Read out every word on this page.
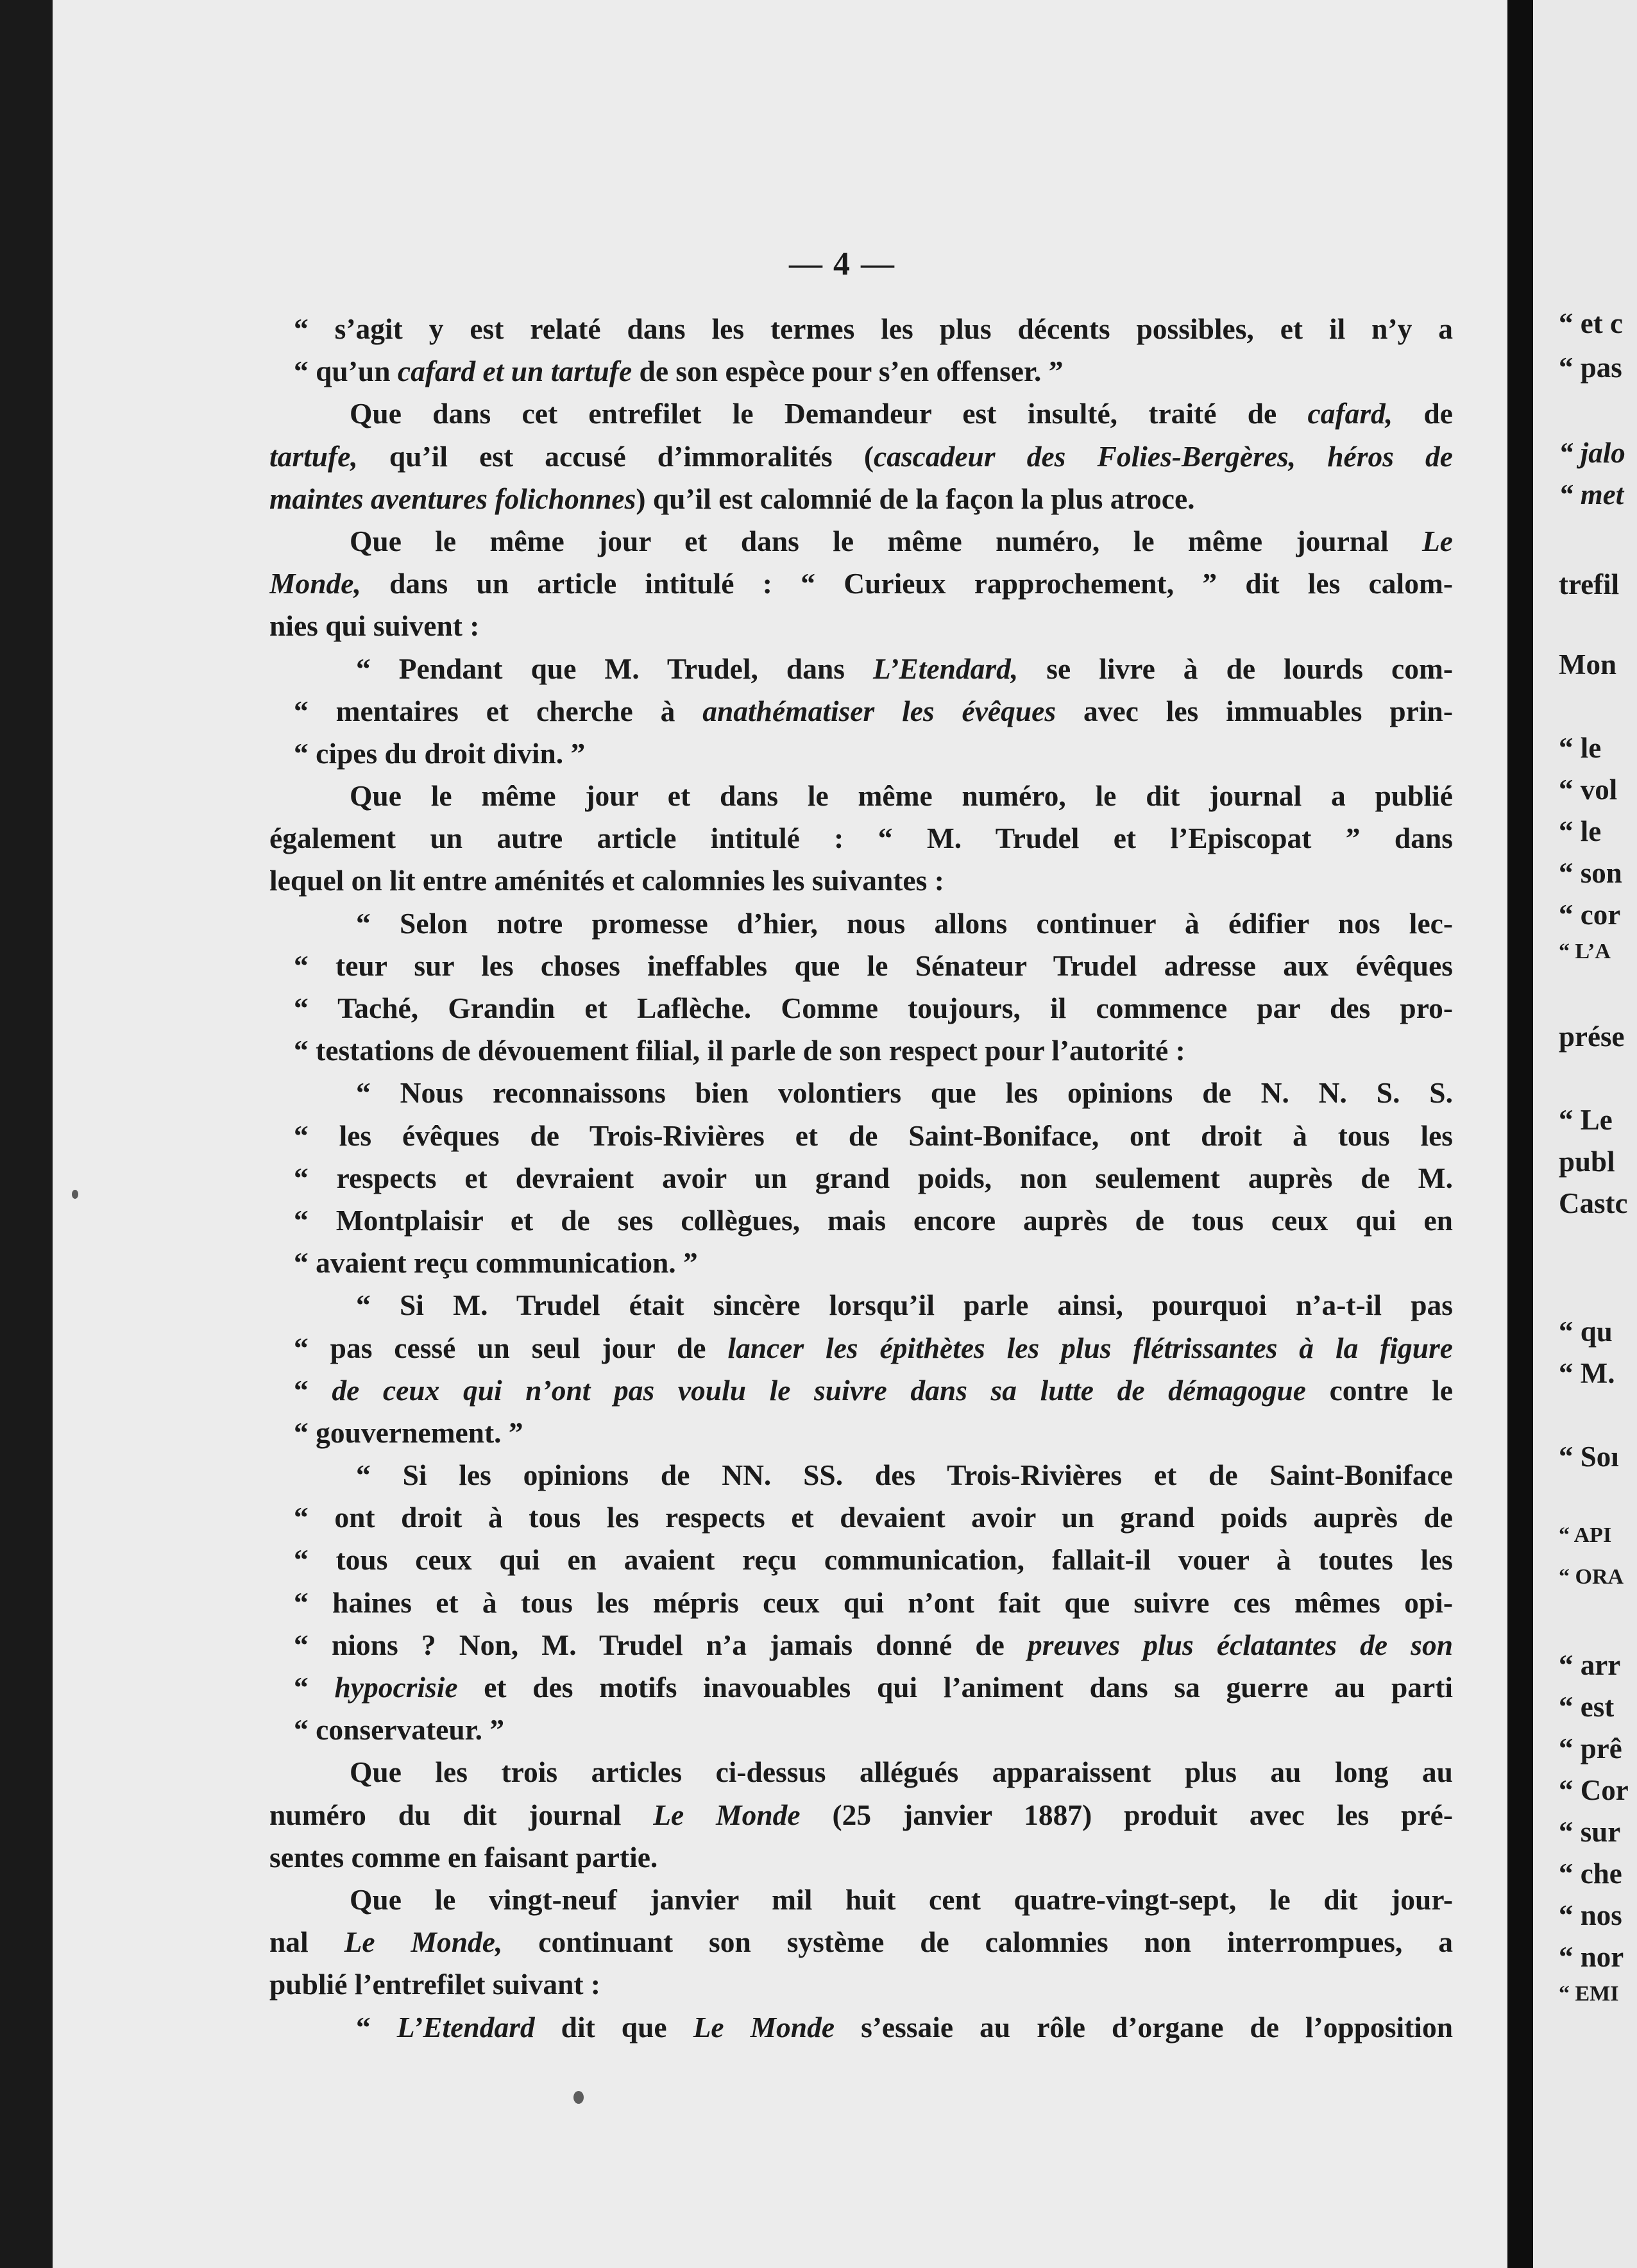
— 4 —

“ s’agit y est relaté dans les termes les plus décents possibles, et il n’y a

“ qu’un cafard et un tartufe de son espèce pour s’en offenser. ”

Que dans cet entrefilet le Demandeur est insulté, traité de cafard, de

tartufe, qu’il est accusé d’immoralités (cascadeur des Folies-Bergères, héros de

maintes aventures folichonnes) qu’il est calomnié de la façon la plus atroce.

Que le même jour et dans le même numéro, le même journal Le

Monde, dans un article intitulé : “ Curieux rapprochement, ” dit les calom-

nies qui suivent :

“ Pendant que M. Trudel, dans L’Etendard, se livre à de lourds com-

“ mentaires et cherche à anathématiser les évêques avec les immuables prin-

“ cipes du droit divin. ”

Que le même jour et dans le même numéro, le dit journal a publié

également un autre article intitulé : “ M. Trudel et l’Episcopat ” dans

lequel on lit entre aménités et calomnies les suivantes :

“ Selon notre promesse d’hier, nous allons continuer à édifier nos lec-

“ teur sur les choses ineffables que le Sénateur Trudel adresse aux évêques

“ Taché, Grandin et Laflèche. Comme toujours, il commence par des pro-

“ testations de dévouement filial, il parle de son respect pour l’autorité :

“ Nous reconnaissons bien volontiers que les opinions de N. N. S. S.

“ les évêques de Trois-Rivières et de Saint-Boniface, ont droit à tous les

“ respects et devraient avoir un grand poids, non seulement auprès de M.

“ Montplaisir et de ses collègues, mais encore auprès de tous ceux qui en

“ avaient reçu communication. ”

“ Si M. Trudel était sincère lorsqu’il parle ainsi, pourquoi n’a-t-il pas

“ pas cessé un seul jour de lancer les épithètes les plus flétrissantes à la figure

“ de ceux qui n’ont pas voulu le suivre dans sa lutte de démagogue contre le

“ gouvernement. ”

“ Si les opinions de NN. SS. des Trois-Rivières et de Saint-Boniface

“ ont droit à tous les respects et devaient avoir un grand poids auprès de

“ tous ceux qui en avaient reçu communication, fallait-il vouer à toutes les

“ haines et à tous les mépris ceux qui n’ont fait que suivre ces mêmes opi-

“ nions ? Non, M. Trudel n’a jamais donné de preuves plus éclatantes de son

“ hypocrisie et des motifs inavouables qui l’animent dans sa guerre au parti

“ conservateur. ”

Que les trois articles ci-dessus allégués apparaissent plus au long au

numéro du dit journal Le Monde (25 janvier 1887) produit avec les pré-

sentes comme en faisant partie.

Que le vingt-neuf janvier mil huit cent quatre-vingt-sept, le dit jour-

nal Le Monde, continuant son système de calomnies non interrompues, a

publié l’entrefilet suivant :

“ L’Etendard dit que Le Monde s’essaie au rôle d’organe de l’opposition

“ et c
“ pas
“ jalo
“ met
trefil
Mon
“ le
“ vol
“ le
“ son
“ cor
“ L’A
prése
“ Le
publ
Castc
“ qu
“ M.
“ Soı
“ API
“ ORA
“ arr
“ est
“ prê
“ Cor
“ sur
“ che
“ nos
“ nor
“ EMI
